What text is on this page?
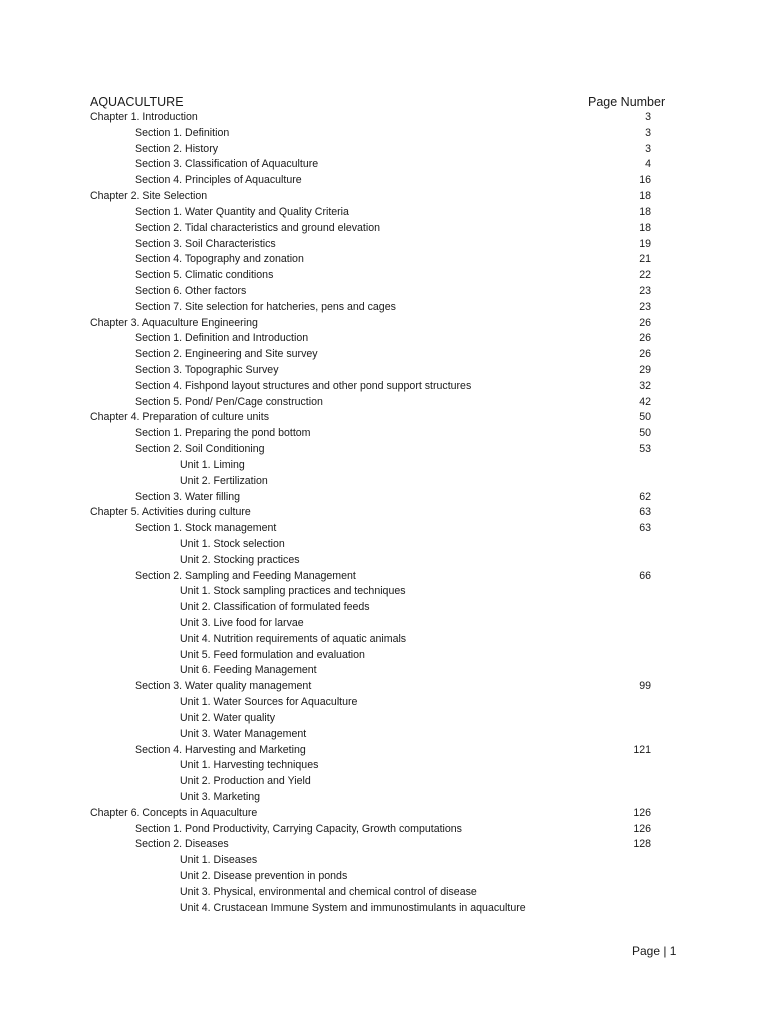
AQUACULTURE	Page Number
Chapter 1. Introduction	3
Section 1. Definition	3
Section 2. History	3
Section 3. Classification of Aquaculture	4
Section 4. Principles of Aquaculture	16
Chapter 2. Site Selection	18
Section 1. Water Quantity and Quality Criteria	18
Section 2. Tidal characteristics and ground elevation	18
Section 3. Soil Characteristics	19
Section 4. Topography and zonation	21
Section 5. Climatic conditions	22
Section 6. Other factors	23
Section 7. Site selection for hatcheries, pens and cages	23
Chapter 3. Aquaculture Engineering	26
Section 1. Definition and Introduction	26
Section 2. Engineering and Site survey	26
Section 3. Topographic Survey	29
Section 4. Fishpond layout structures and other pond support structures	32
Section 5. Pond/ Pen/Cage construction	42
Chapter 4. Preparation of culture units	50
Section 1. Preparing the pond bottom	50
Section 2. Soil Conditioning	53
Unit 1. Liming
Unit 2. Fertilization
Section 3. Water filling	62
Chapter 5. Activities during culture	63
Section 1. Stock management	63
Unit 1. Stock selection
Unit 2. Stocking practices
Section 2. Sampling and Feeding Management	66
Unit 1. Stock sampling practices and techniques
Unit 2. Classification of formulated feeds
Unit 3. Live food for larvae
Unit 4. Nutrition requirements of aquatic animals
Unit 5. Feed formulation and evaluation
Unit 6. Feeding Management
Section 3. Water quality management	99
Unit 1. Water Sources for Aquaculture
Unit 2. Water quality
Unit 3. Water Management
Section 4. Harvesting and Marketing	121
Unit 1. Harvesting techniques
Unit 2. Production and Yield
Unit 3. Marketing
Chapter 6. Concepts in Aquaculture	126
Section 1. Pond Productivity, Carrying Capacity, Growth computations	126
Section 2. Diseases	128
Unit 1. Diseases
Unit 2. Disease prevention in ponds
Unit 3. Physical, environmental and chemical control of disease
Unit 4. Crustacean Immune System and immunostimulants in aquaculture
Page | 1
